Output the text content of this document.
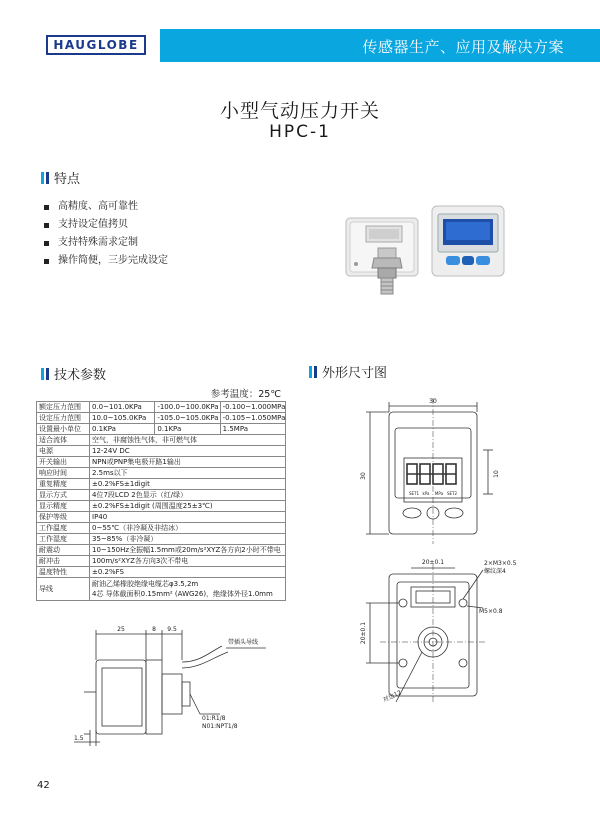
HAUGLOBE	传感器生产、应用及解决方案
小型气动压力开关
HPC-1
特点
高精度、高可靠性
支持设定值拷贝
支持特殊需求定制
操作简便，三步完成设定
技术参数
参考温度：25℃
额定压力范围	0.0~101.0KPa	-100.0~100.0KPa	-0.100~1.000MPa
设定压力范围	10.0~105.0KPa	-105.0~105.0KPa	-0.105~1.050MPa
设置最小单位	0.1KPa	0.1KPa	1.5MPa
适合流体	空气，非腐蚀性气体，非可燃气体		
电源	12-24V DC		
开关输出	NPN或PNP集电极开路1输出		
响应时间	2.5ms以下		
重复精度	±0.2%FS±1digit		
显示方式	4位7段LCD 2色显示（红/绿）		
显示精度	±0.2%FS±1digit (周围温度25±3℃)		
保护等级	IP40		
工作温度	0~55℃（非冷凝及非结冰）		
工作湿度	35~85%（非冷凝）		
耐震动	10~150Hz全振幅1.5mm或20m/s²XYZ各方向2小时不带电		
耐冲击	100m/s²XYZ各方向3次不带电		
温度特性	±0.2%FS		
导线	耐油乙烯橡胶绝缘电缆芯φ3.5,2m
4芯 导体截面积0.15mm² (AWG26)，绝缘体外径1.0mm		
外形尺寸图
30
30	10
8888
SET1 kPa MPa SET2
20±0.1
20±0.1
2×M3×0.5
螺纹深4
M5×0.8
对边12
25	8 9.5
1.5
带插头导线
01:R1/8
N01:NPT1/8
42
